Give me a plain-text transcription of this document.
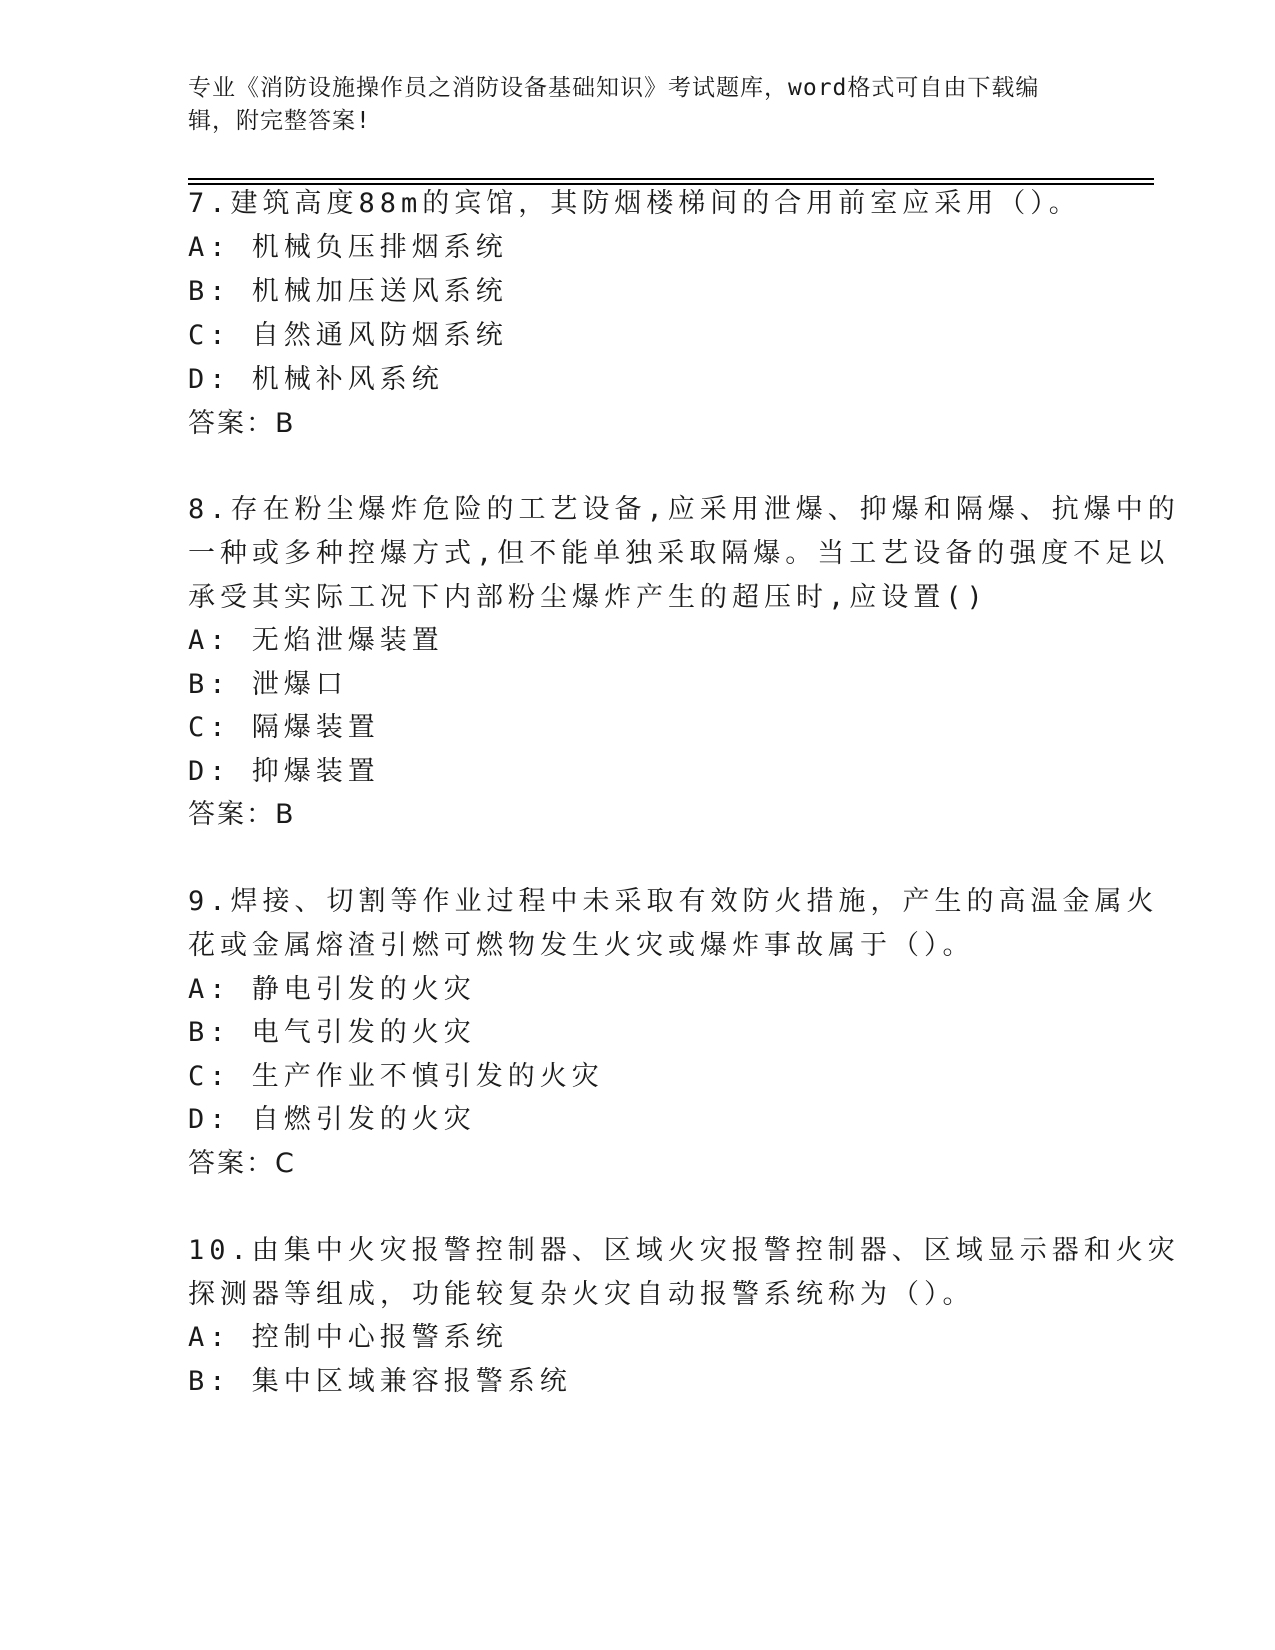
专业《消防设施操作员之消防设备基础知识》考试题库，word格式可自由下载编
辑，附完整答案!
7.建筑高度88m的宾馆，其防烟楼梯间的合用前室应采用（）。
A: 机械负压排烟系统
B: 机械加压送风系统
C: 自然通风防烟系统
D: 机械补风系统
答案：B
8.存在粉尘爆炸危险的工艺设备,应采用泄爆、抑爆和隔爆、抗爆中的
一种或多种控爆方式,但不能单独采取隔爆。当工艺设备的强度不足以
承受其实际工况下内部粉尘爆炸产生的超压时,应设置()
A: 无焰泄爆装置
B: 泄爆口
C: 隔爆装置
D: 抑爆装置
答案：B
9.焊接、切割等作业过程中未采取有效防火措施，产生的高温金属火
花或金属熔渣引燃可燃物发生火灾或爆炸事故属于（）。
A: 静电引发的火灾
B: 电气引发的火灾
C: 生产作业不慎引发的火灾
D: 自燃引发的火灾
答案：C
10.由集中火灾报警控制器、区域火灾报警控制器、区域显示器和火灾
探测器等组成，功能较复杂火灾自动报警系统称为（）。
A: 控制中心报警系统
B: 集中区域兼容报警系统
